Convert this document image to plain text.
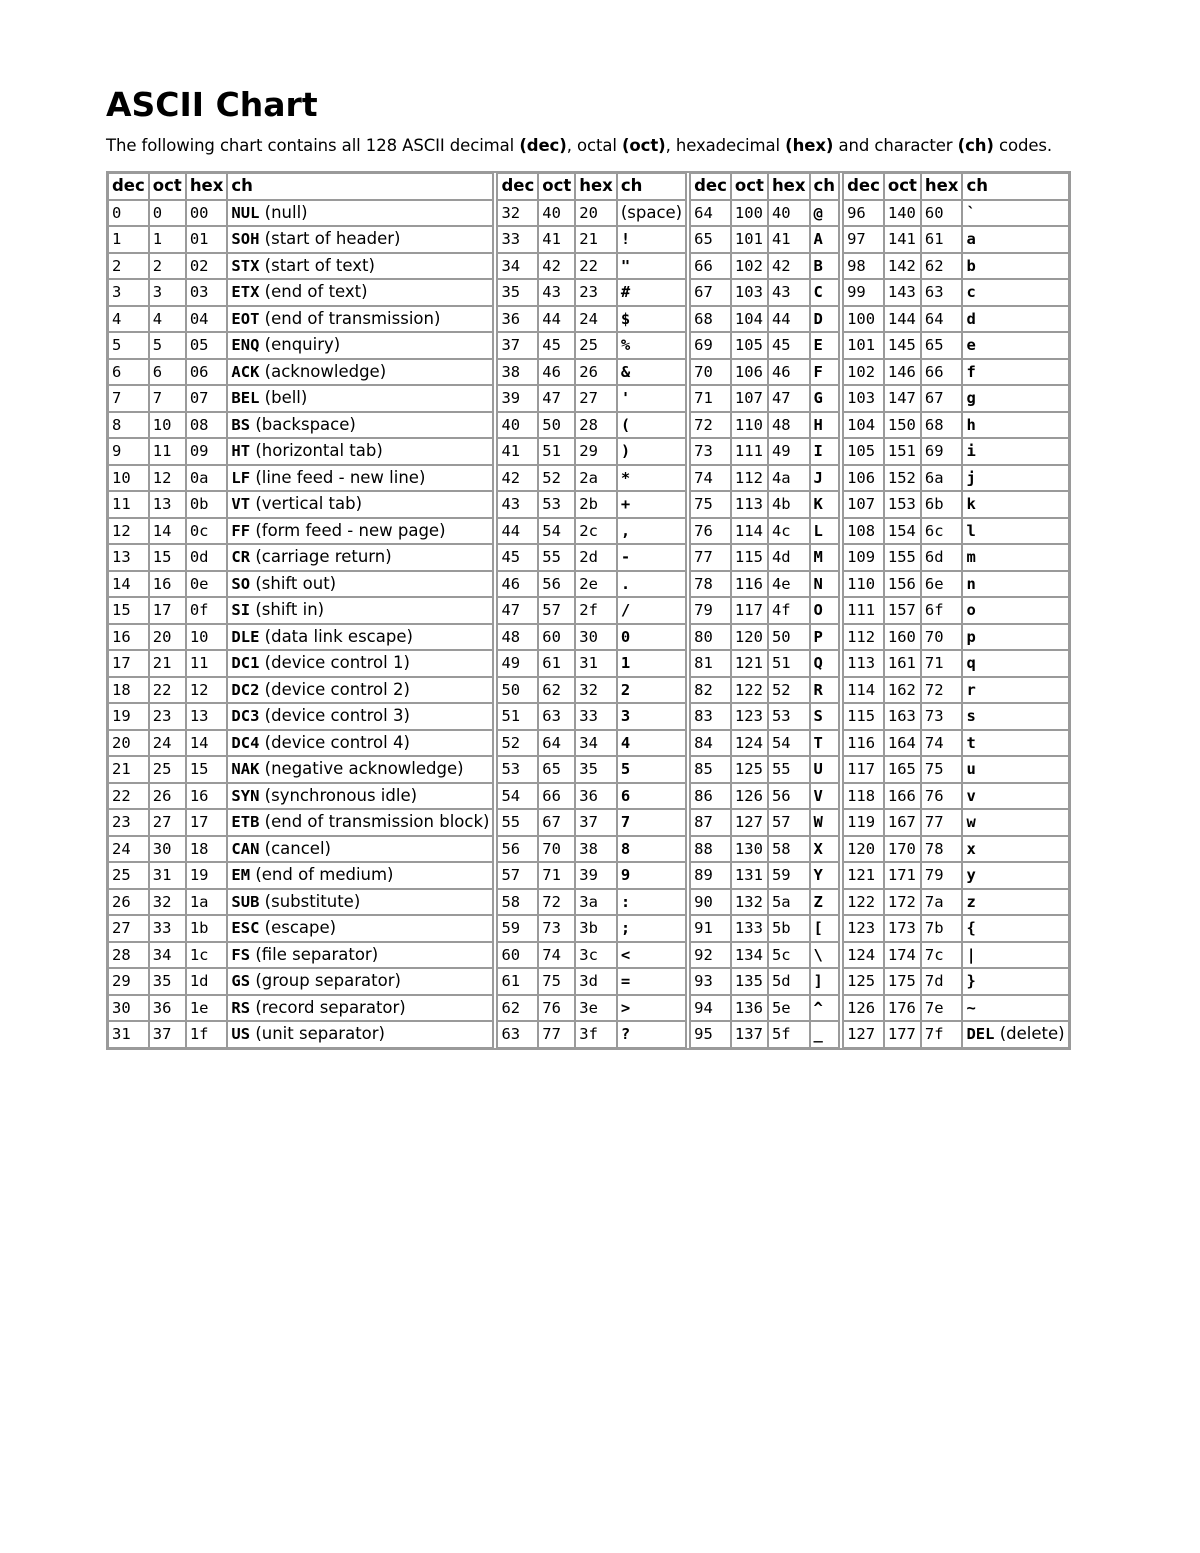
ASCII Chart

The following chart contains all 128 ASCII decimal (dec), octal (oct), hexadecimal (hex) and character (ch) codes.

dec	oct	hex	ch		dec	oct	hex	ch		dec	oct	hex	ch		dec	oct	hex	ch
0	0	00	NUL (null)		32	40	20	(space)		64	100	40	@		96	140	60	`
1	1	01	SOH (start of header)		33	41	21	!		65	101	41	A		97	141	61	a
2	2	02	STX (start of text)		34	42	22	"		66	102	42	B		98	142	62	b
3	3	03	ETX (end of text)		35	43	23	#		67	103	43	C		99	143	63	c
4	4	04	EOT (end of transmission)		36	44	24	$		68	104	44	D		100	144	64	d
5	5	05	ENQ (enquiry)		37	45	25	%		69	105	45	E		101	145	65	e
6	6	06	ACK (acknowledge)		38	46	26	&		70	106	46	F		102	146	66	f
7	7	07	BEL (bell)		39	47	27	'		71	107	47	G		103	147	67	g
8	10	08	BS (backspace)		40	50	28	(		72	110	48	H		104	150	68	h
9	11	09	HT (horizontal tab)		41	51	29	)		73	111	49	I		105	151	69	i
10	12	0a	LF (line feed - new line)		42	52	2a	*		74	112	4a	J		106	152	6a	j
11	13	0b	VT (vertical tab)		43	53	2b	+		75	113	4b	K		107	153	6b	k
12	14	0c	FF (form feed - new page)		44	54	2c	,		76	114	4c	L		108	154	6c	l
13	15	0d	CR (carriage return)		45	55	2d	-		77	115	4d	M		109	155	6d	m
14	16	0e	SO (shift out)		46	56	2e	.		78	116	4e	N		110	156	6e	n
15	17	0f	SI (shift in)		47	57	2f	/		79	117	4f	O		111	157	6f	o
16	20	10	DLE (data link escape)		48	60	30	0		80	120	50	P		112	160	70	p
17	21	11	DC1 (device control 1)		49	61	31	1		81	121	51	Q		113	161	71	q
18	22	12	DC2 (device control 2)		50	62	32	2		82	122	52	R		114	162	72	r
19	23	13	DC3 (device control 3)		51	63	33	3		83	123	53	S		115	163	73	s
20	24	14	DC4 (device control 4)		52	64	34	4		84	124	54	T		116	164	74	t
21	25	15	NAK (negative acknowledge)		53	65	35	5		85	125	55	U		117	165	75	u
22	26	16	SYN (synchronous idle)		54	66	36	6		86	126	56	V		118	166	76	v
23	27	17	ETB (end of transmission block)		55	67	37	7		87	127	57	W		119	167	77	w
24	30	18	CAN (cancel)		56	70	38	8		88	130	58	X		120	170	78	x
25	31	19	EM (end of medium)		57	71	39	9		89	131	59	Y		121	171	79	y
26	32	1a	SUB (substitute)		58	72	3a	:		90	132	5a	Z		122	172	7a	z
27	33	1b	ESC (escape)		59	73	3b	;		91	133	5b	[		123	173	7b	{
28	34	1c	FS (file separator)		60	74	3c	<		92	134	5c	\		124	174	7c	|
29	35	1d	GS (group separator)		61	75	3d	=		93	135	5d	]		125	175	7d	}
30	36	1e	RS (record separator)		62	76	3e	>		94	136	5e	^		126	176	7e	~
31	37	1f	US (unit separator)		63	77	3f	?		95	137	5f	_		127	177	7f	DEL (delete)
